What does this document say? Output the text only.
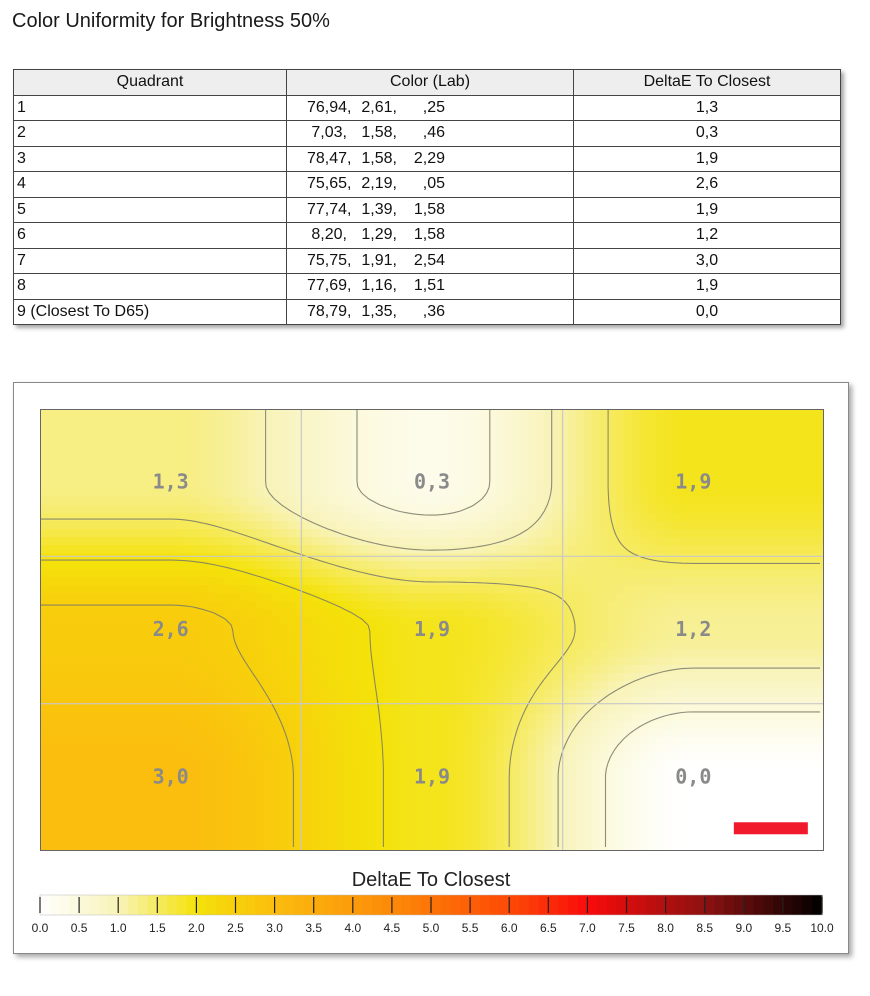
Color Uniformity for Brightness 50%
Quadrant	Color (Lab)	DeltaE To Closest
1	76,94, 2,61, ,25	1,3
2	7,03, 1,58, ,46	0,3
3	78,47, 1,58, 2,29	1,9
4	75,65, 2,19, ,05	2,6
5	77,74, 1,39, 1,58	1,9
6	8,20, 1,29, 1,58	1,2
7	75,75, 1,91, 2,54	3,0
8	77,69, 1,16, 1,51	1,9
9 (Closest To D65)	78,79, 1,35, ,36	0,0
1,3	0,3	1,9
2,6	1,9	1,2
3,0	1,9	0,0
DeltaE To Closest
0.0 0.5 1.0 1.5 2.0 2.5 3.0 3.5 4.0 4.5 5.0 5.5 6.0 6.5 7.0 7.5 8.0 8.5 9.0 9.5 10.0
